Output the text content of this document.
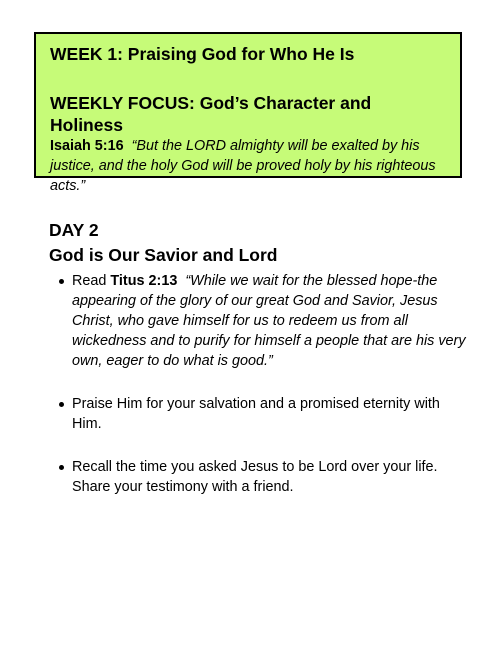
WEEK 1: Praising God for Who He Is

WEEKLY FOCUS: God’s Character and Holiness

Isaiah 5:16 “But the LORD almighty will be exalted by his justice, and the holy God will be proved holy by his righteous acts.”

DAY 2

God is Our Savior and Lord

Read Titus 2:13 “While we wait for the blessed hope-the appearing of the glory of our great God and Savior, Jesus Christ, who gave himself for us to redeem us from all wickedness and to purify for himself a people that are his very own, eager to do what is good.”
Praise Him for your salvation and a promised eternity with Him.
Recall the time you asked Jesus to be Lord over your life. Share your testimony with a friend.
